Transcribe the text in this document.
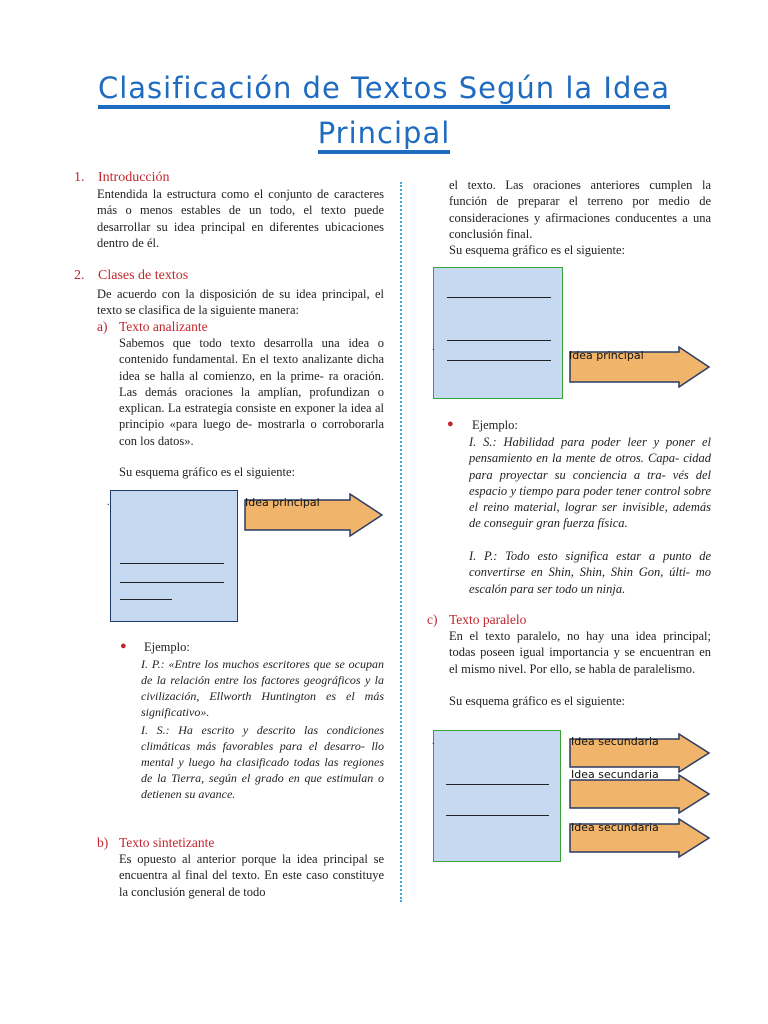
Clasificación de Textos Según la Idea
Principal
1. Introducción
Entendida la estructura como el conjunto de caracteres más o menos estables de un todo, el texto puede desarrollar su idea principal en diferentes ubicaciones dentro de él.
2. Clases de textos
De acuerdo con la disposición de su idea principal, el texto se clasifica de la siguiente manera:
a) Texto analizante
Sabemos que todo texto desarrolla una idea o contenido fundamental. En el texto analizante dicha idea se halla al comienzo, en la prime- ra oración. Las demás oraciones la amplían, profundizan o explican. La estrategia consiste en exponer la idea al principio «para luego de- mostrarla o corroborarla con los datos».
Su esquema gráfico es el siguiente:
.	Idea principal
● Ejemplo:
I. P.: «Entre los muchos escritores que se ocupan de la relación entre los factores geográficos y la civilización, Ellworth Huntington es el más significativo».
I. S.: Ha escrito y descrito las condiciones climáticas más favorables para el desarro- llo mental y luego ha clasificado todas las regiones de la Tierra, según el grado en que estimulan o detienen su avance.
b) Texto sintetizante
Es opuesto al anterior porque la idea principal se encuentra al final del texto. En este caso constituye la conclusión general de todo
el texto. Las oraciones anteriores cumplen la función de preparar el terreno por medio de consideraciones y afirmaciones conducentes a una conclusión final.
Su esquema gráfico es el siguiente:
.
Idea principal
● Ejemplo:
I. S.: Habilidad para poder leer y poner el pensamiento en la mente de otros. Capa- cidad para proyectar su conciencia a tra- vés del espacio y tiempo para poder tener control sobre el reino material, lograr ser invisible, además de conseguir gran fuerza física.
I. P.: Todo esto significa estar a punto de convertirse en Shin, Shin, Shin Gon, últi- mo escalón para ser todo un ninja.
c) Texto paralelo
En el texto paralelo, no hay una idea principal; todas poseen igual importancia y se encuentran en el mismo nivel. Por ello, se habla de paralelismo.
Su esquema gráfico es el siguiente:
.	Idea secundaria
Idea secundaria
Idea secundaria
